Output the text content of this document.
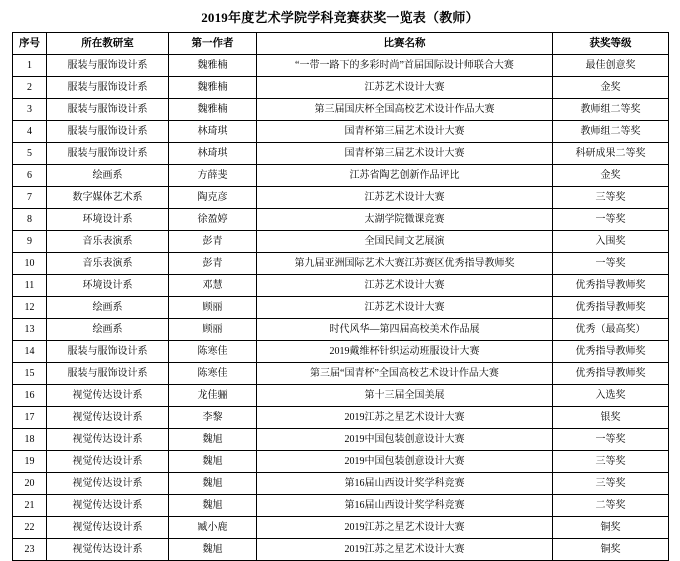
2019年度艺术学院学科竞赛获奖一览表（教师）
序号	所在教研室	第一作者	比赛名称	获奖等级
1	服装与服饰设计系	魏雅楠	“一带一路下的多彩时尚”首届国际设计师联合大赛	最佳创意奖
2	服装与服饰设计系	魏雅楠	江苏艺术设计大赛	金奖
3	服装与服饰设计系	魏雅楠	第三届国庆杯全国高校艺术设计作品大赛	教师组二等奖
4	服装与服饰设计系	林琦琪	国青杯第三届艺术设计大赛	教师组二等奖
5	服装与服饰设计系	林琦琪	国青杯第三届艺术设计大赛	科研成果二等奖
6	绘画系	方薛斐	江苏省陶艺创新作品评比	金奖
7	数字媒体艺术系	陶克彦	江苏艺术设计大赛	三等奖
8	环境设计系	徐盈婷	太湖学院微课竞赛	一等奖
9	音乐表演系	彭青	全国民间文艺展演	入围奖
10	音乐表演系	彭青	第九届亚洲国际艺术大赛江苏赛区优秀指导教师奖	一等奖
11	环境设计系	邓慧	江苏艺术设计大赛	优秀指导教师奖
12	绘画系	顾丽	江苏艺术设计大赛	优秀指导教师奖
13	绘画系	顾丽	时代风华—第四届高校美术作品展	优秀（最高奖）
14	服装与服饰设计系	陈寒佳	2019戴维杯针织运动班服设计大赛	优秀指导教师奖
15	服装与服饰设计系	陈寒佳	第三届“国青杯”全国高校艺术设计作品大赛	优秀指导教师奖
16	视觉传达设计系	龙佳骊	第十三届全国美展	入选奖
17	视觉传达设计系	李黎	2019江苏之星艺术设计大赛	银奖
18	视觉传达设计系	魏旭	2019中国包装创意设计大赛	一等奖
19	视觉传达设计系	魏旭	2019中国包装创意设计大赛	三等奖
20	视觉传达设计系	魏旭	第16届山西设计奖学科竞赛	三等奖
21	视觉传达设计系	魏旭	第16届山西设计奖学科竞赛	二等奖
22	视觉传达设计系	臧小鹿	2019江苏之星艺术设计大赛	铜奖
23	视觉传达设计系	魏旭	2019江苏之星艺术设计大赛	铜奖
